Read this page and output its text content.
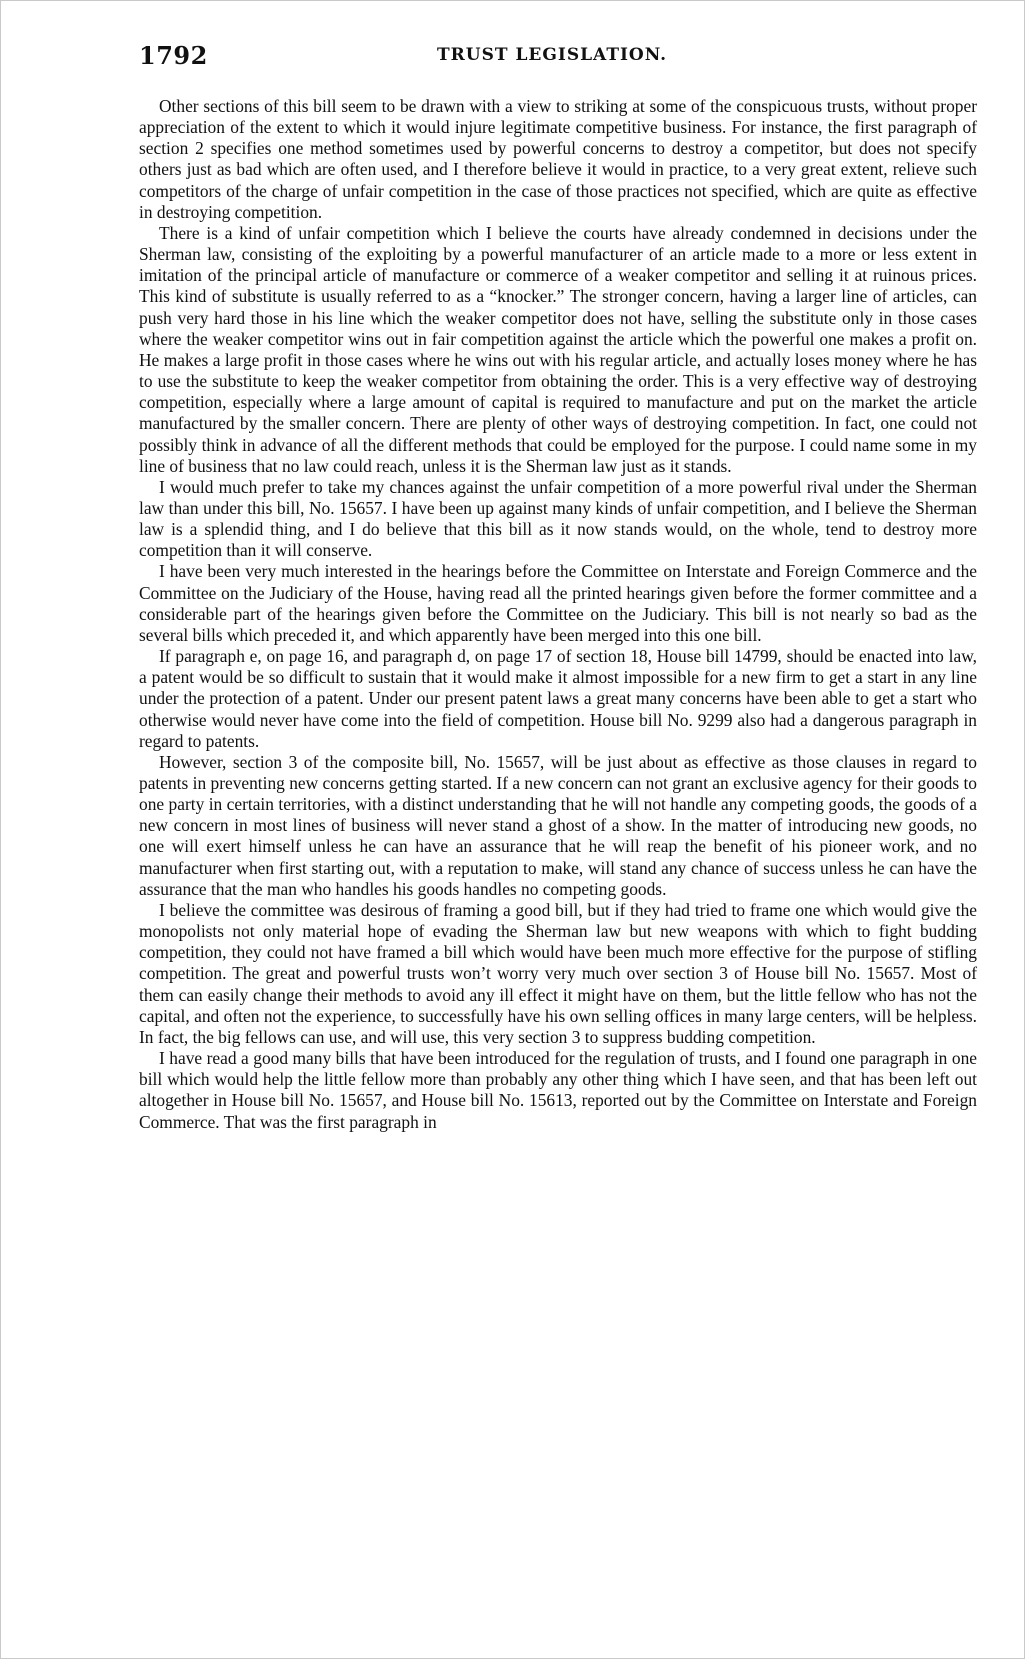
1792	TRUST LEGISLATION.

Other sections of this bill seem to be drawn with a view to striking at some of the conspicuous trusts, without proper appreciation of the extent to which it would injure legitimate competitive business. For instance, the first paragraph of section 2 specifies one method sometimes used by powerful concerns to destroy a competitor, but does not specify others just as bad which are often used, and I therefore believe it would in practice, to a very great extent, relieve such competitors of the charge of unfair competition in the case of those practices not specified, which are quite as effective in destroying competition.

There is a kind of unfair competition which I believe the courts have already condemned in decisions under the Sherman law, consisting of the exploiting by a powerful manufacturer of an article made to a more or less extent in imitation of the principal article of manufacture or commerce of a weaker competitor and selling it at ruinous prices. This kind of substitute is usually referred to as a “knocker.” The stronger concern, having a larger line of articles, can push very hard those in his line which the weaker competitor does not have, selling the substitute only in those cases where the weaker competitor wins out in fair competition against the article which the powerful one makes a profit on. He makes a large profit in those cases where he wins out with his regular article, and actually loses money where he has to use the substitute to keep the weaker competitor from obtaining the order. This is a very effective way of destroying competition, especially where a large amount of capital is required to manufacture and put on the market the article manufactured by the smaller concern. There are plenty of other ways of destroying competition. In fact, one could not possibly think in advance of all the different methods that could be employed for the purpose. I could name some in my line of business that no law could reach, unless it is the Sherman law just as it stands.

I would much prefer to take my chances against the unfair competition of a more powerful rival under the Sherman law than under this bill, No. 15657. I have been up against many kinds of unfair competition, and I believe the Sherman law is a splendid thing, and I do believe that this bill as it now stands would, on the whole, tend to destroy more competition than it will conserve.

I have been very much interested in the hearings before the Committee on Interstate and Foreign Commerce and the Committee on the Judiciary of the House, having read all the printed hearings given before the former committee and a considerable part of the hearings given before the Committee on the Judiciary. This bill is not nearly so bad as the several bills which preceded it, and which apparently have been merged into this one bill.

If paragraph e, on page 16, and paragraph d, on page 17 of section 18, House bill 14799, should be enacted into law, a patent would be so difficult to sustain that it would make it almost impossible for a new firm to get a start in any line under the protection of a patent. Under our present patent laws a great many concerns have been able to get a start who otherwise would never have come into the field of competition. House bill No. 9299 also had a dangerous paragraph in regard to patents.

However, section 3 of the composite bill, No. 15657, will be just about as effective as those clauses in regard to patents in preventing new concerns getting started. If a new concern can not grant an exclusive agency for their goods to one party in certain territories, with a distinct understanding that he will not handle any competing goods, the goods of a new concern in most lines of business will never stand a ghost of a show. In the matter of introducing new goods, no one will exert himself unless he can have an assurance that he will reap the benefit of his pioneer work, and no manufacturer when first starting out, with a reputation to make, will stand any chance of success unless he can have the assurance that the man who handles his goods handles no competing goods.

I believe the committee was desirous of framing a good bill, but if they had tried to frame one which would give the monopolists not only material hope of evading the Sherman law but new weapons with which to fight budding competition, they could not have framed a bill which would have been much more effective for the purpose of stifling competition. The great and powerful trusts won’t worry very much over section 3 of House bill No. 15657. Most of them can easily change their methods to avoid any ill effect it might have on them, but the little fellow who has not the capital, and often not the experience, to successfully have his own selling offices in many large centers, will be helpless. In fact, the big fellows can use, and will use, this very section 3 to suppress budding competition.

I have read a good many bills that have been introduced for the regulation of trusts, and I found one paragraph in one bill which would help the little fellow more than probably any other thing which I have seen, and that has been left out altogether in House bill No. 15657, and House bill No. 15613, reported out by the Committee on Interstate and Foreign Commerce. That was the first paragraph in
